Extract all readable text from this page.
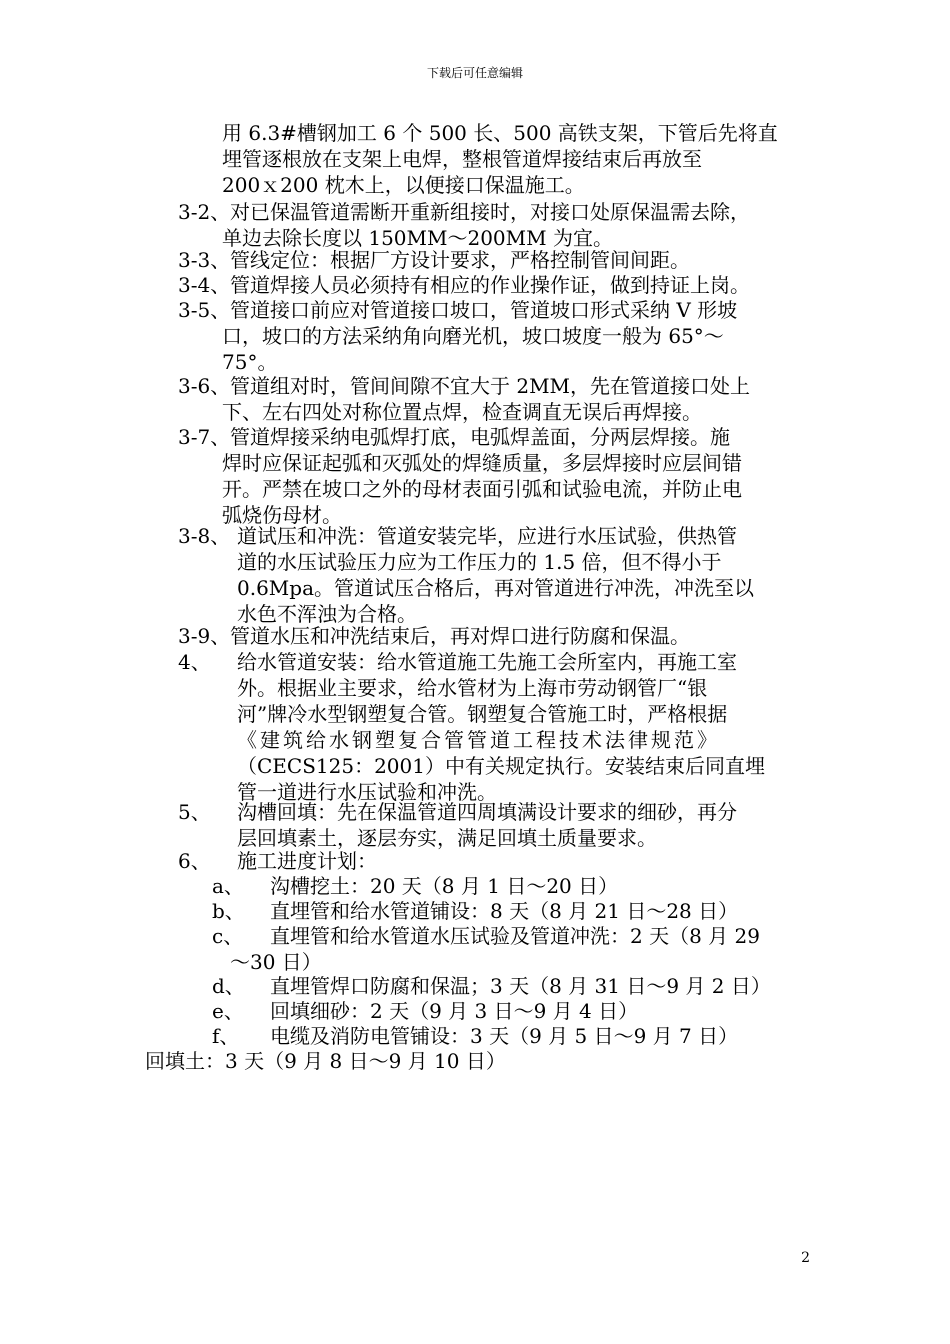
下载后可任意编辑
用 6.3#槽钢加工 6 个 500 长、500 高铁支架，下管后先将直
埋管逐根放在支架上电焊，整根管道焊接结束后再放至
200ｘ200 枕木上，以便接口保温施工。
3-2、 对已保温管道需断开重新组接时，对接口处原保温需去除，
单边去除长度以 150MM～200MM 为宜。
3-3、 管线定位：根据厂方设计要求，严格控制管间间距。
3-4、 管道焊接人员必须持有相应的作业操作证，做到持证上岗。
3-5、 管道接口前应对管道接口坡口，管道坡口形式采纳 V 形坡
口，坡口的方法采纳角向磨光机，坡口坡度一般为 65°～
75°。
3-6、 管道组对时，管间间隙不宜大于 2MM，先在管道接口处上
下、左右四处对称位置点焊，检查调直无误后再焊接。
3-7、 管道焊接采纳电弧焊打底，电弧焊盖面，分两层焊接。施
焊时应保证起弧和灭弧处的焊缝质量，多层焊接时应层间错
开。严禁在坡口之外的母材表面引弧和试验电流，并防止电
弧烧伤母材。
3-8、 道试压和冲洗：管道安装完毕，应进行水压试验，供热管
道的水压试验压力应为工作压力的 1.5 倍，但不得小于
0.6Mpa。管道试压合格后，再对管道进行冲洗，冲洗至以
水色不浑浊为合格。
3-9、 管道水压和冲洗结束后，再对焊口进行防腐和保温。
4、 给水管道安装：给水管道施工先施工会所室内，再施工室
外。根据业主要求，给水管材为上海市劳动钢管厂“银
河”牌冷水型钢塑复合管。钢塑复合管施工时，严格根据
《建筑给水钢塑复合管管道工程技术法律规范》
（CECS125：2001）中有关规定执行。安装结束后同直埋
管一道进行水压试验和冲洗。
5、 沟槽回填：先在保温管道四周填满设计要求的细砂，再分
层回填素土，逐层夯实，满足回填土质量要求。
6、 施工进度计划：
a、 沟槽挖土：20 天（8 月 1 日～20 日）
b、 直埋管和给水管道铺设：8 天（8 月 21 日～28 日）
c、 直埋管和给水管道水压试验及管道冲洗：2 天（8 月 29
～30 日）
d、 直埋管焊口防腐和保温；3 天（8 月 31 日～9 月 2 日）
e、 回填细砂：2 天（9 月 3 日～9 月 4 日）
f、 电缆及消防电管铺设：3 天（9 月 5 日～9 月 7 日）
回填土：3 天（9 月 8 日～9 月 10 日）
2
